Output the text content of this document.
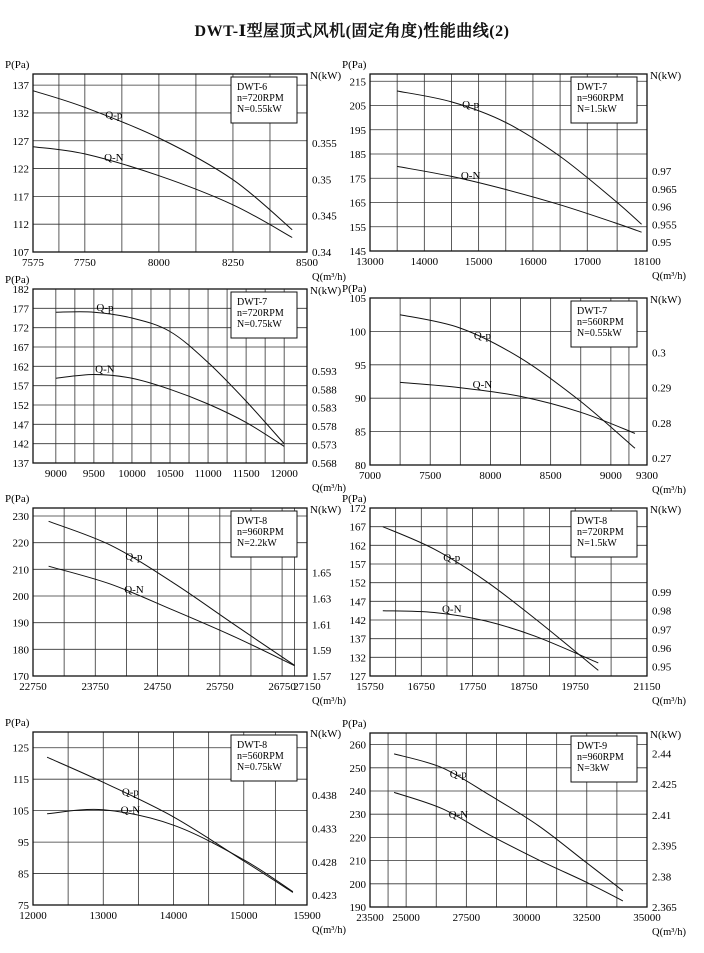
DWT-Ⅰ型屋顶式风机(固定角度)性能曲线(2)
107
112
117
122
127
132
137
0.34
0.345
0.35
0.355
7575	7750	8000	8250	8500
P(Pa)
N(kW)
Q(m³/h)
DWT-6
n=720RPM
N=0.55kW
Q-p
Q-N
145
155
165
175
185
195
205
215
0.95
0.955
0.96
0.965
0.97
13000 14000 15000 16000 17000	18100
P(Pa)
N(kW)
Q(m³/h)
DWT-7
n=960RPM
N=1.5kW
Q-p
Q-N
137
142
147
152
157
162
167
172
177
182
0.568
0.573
0.578
0.583
0.588
0.593
9000 9500 10000 10500 11000 11500 12000
P(Pa)
N(kW)
Q(m³/h)
DWT-7
n=720RPM
N=0.75kW
Q-p
Q-N
80
85
90
95
100
105
0.27
0.28
0.29
0.3
7000	7500	8000	8500	9000 9300
P(Pa)
N(kW)
Q(m³/h)
DWT-7
n=560RPM
N=0.55kW
Q-p
Q-N
170
180
190
200
210
220
230
1.57
1.59
1.61
1.63
1.65
22750	23750	24750	25750	26750
27150
P(Pa)
N(kW)
Q(m³/h)
DWT-8
n=960RPM
N=2.2kW
Q-p
Q-N
127
132
137
142
147
152
157
162
167
172
0.95
0.96
0.97
0.98
0.99
15750 16750 17750 18750 19750	21150
P(Pa)
N(kW)
Q(m³/h)
DWT-8
n=720RPM
N=1.5kW
Q-p
Q-N
75
85
95
105
115
125
0.423
0.428
0.433
0.438
12000	13000	14000	15000	15900
P(Pa)
N(kW)
Q(m³/h)
DWT-8
n=560RPM
N=0.75kW
Q-p
Q-N
190
200
210
220
230
240
250
260
2.365
2.38
2.395
2.41
2.425
2.44
23500 25000	27500	30000	32500	35000
P(Pa)
N(kW)
Q(m³/h)
DWT-9
n=960RPM
N=3kW
Q-p
Q-N
